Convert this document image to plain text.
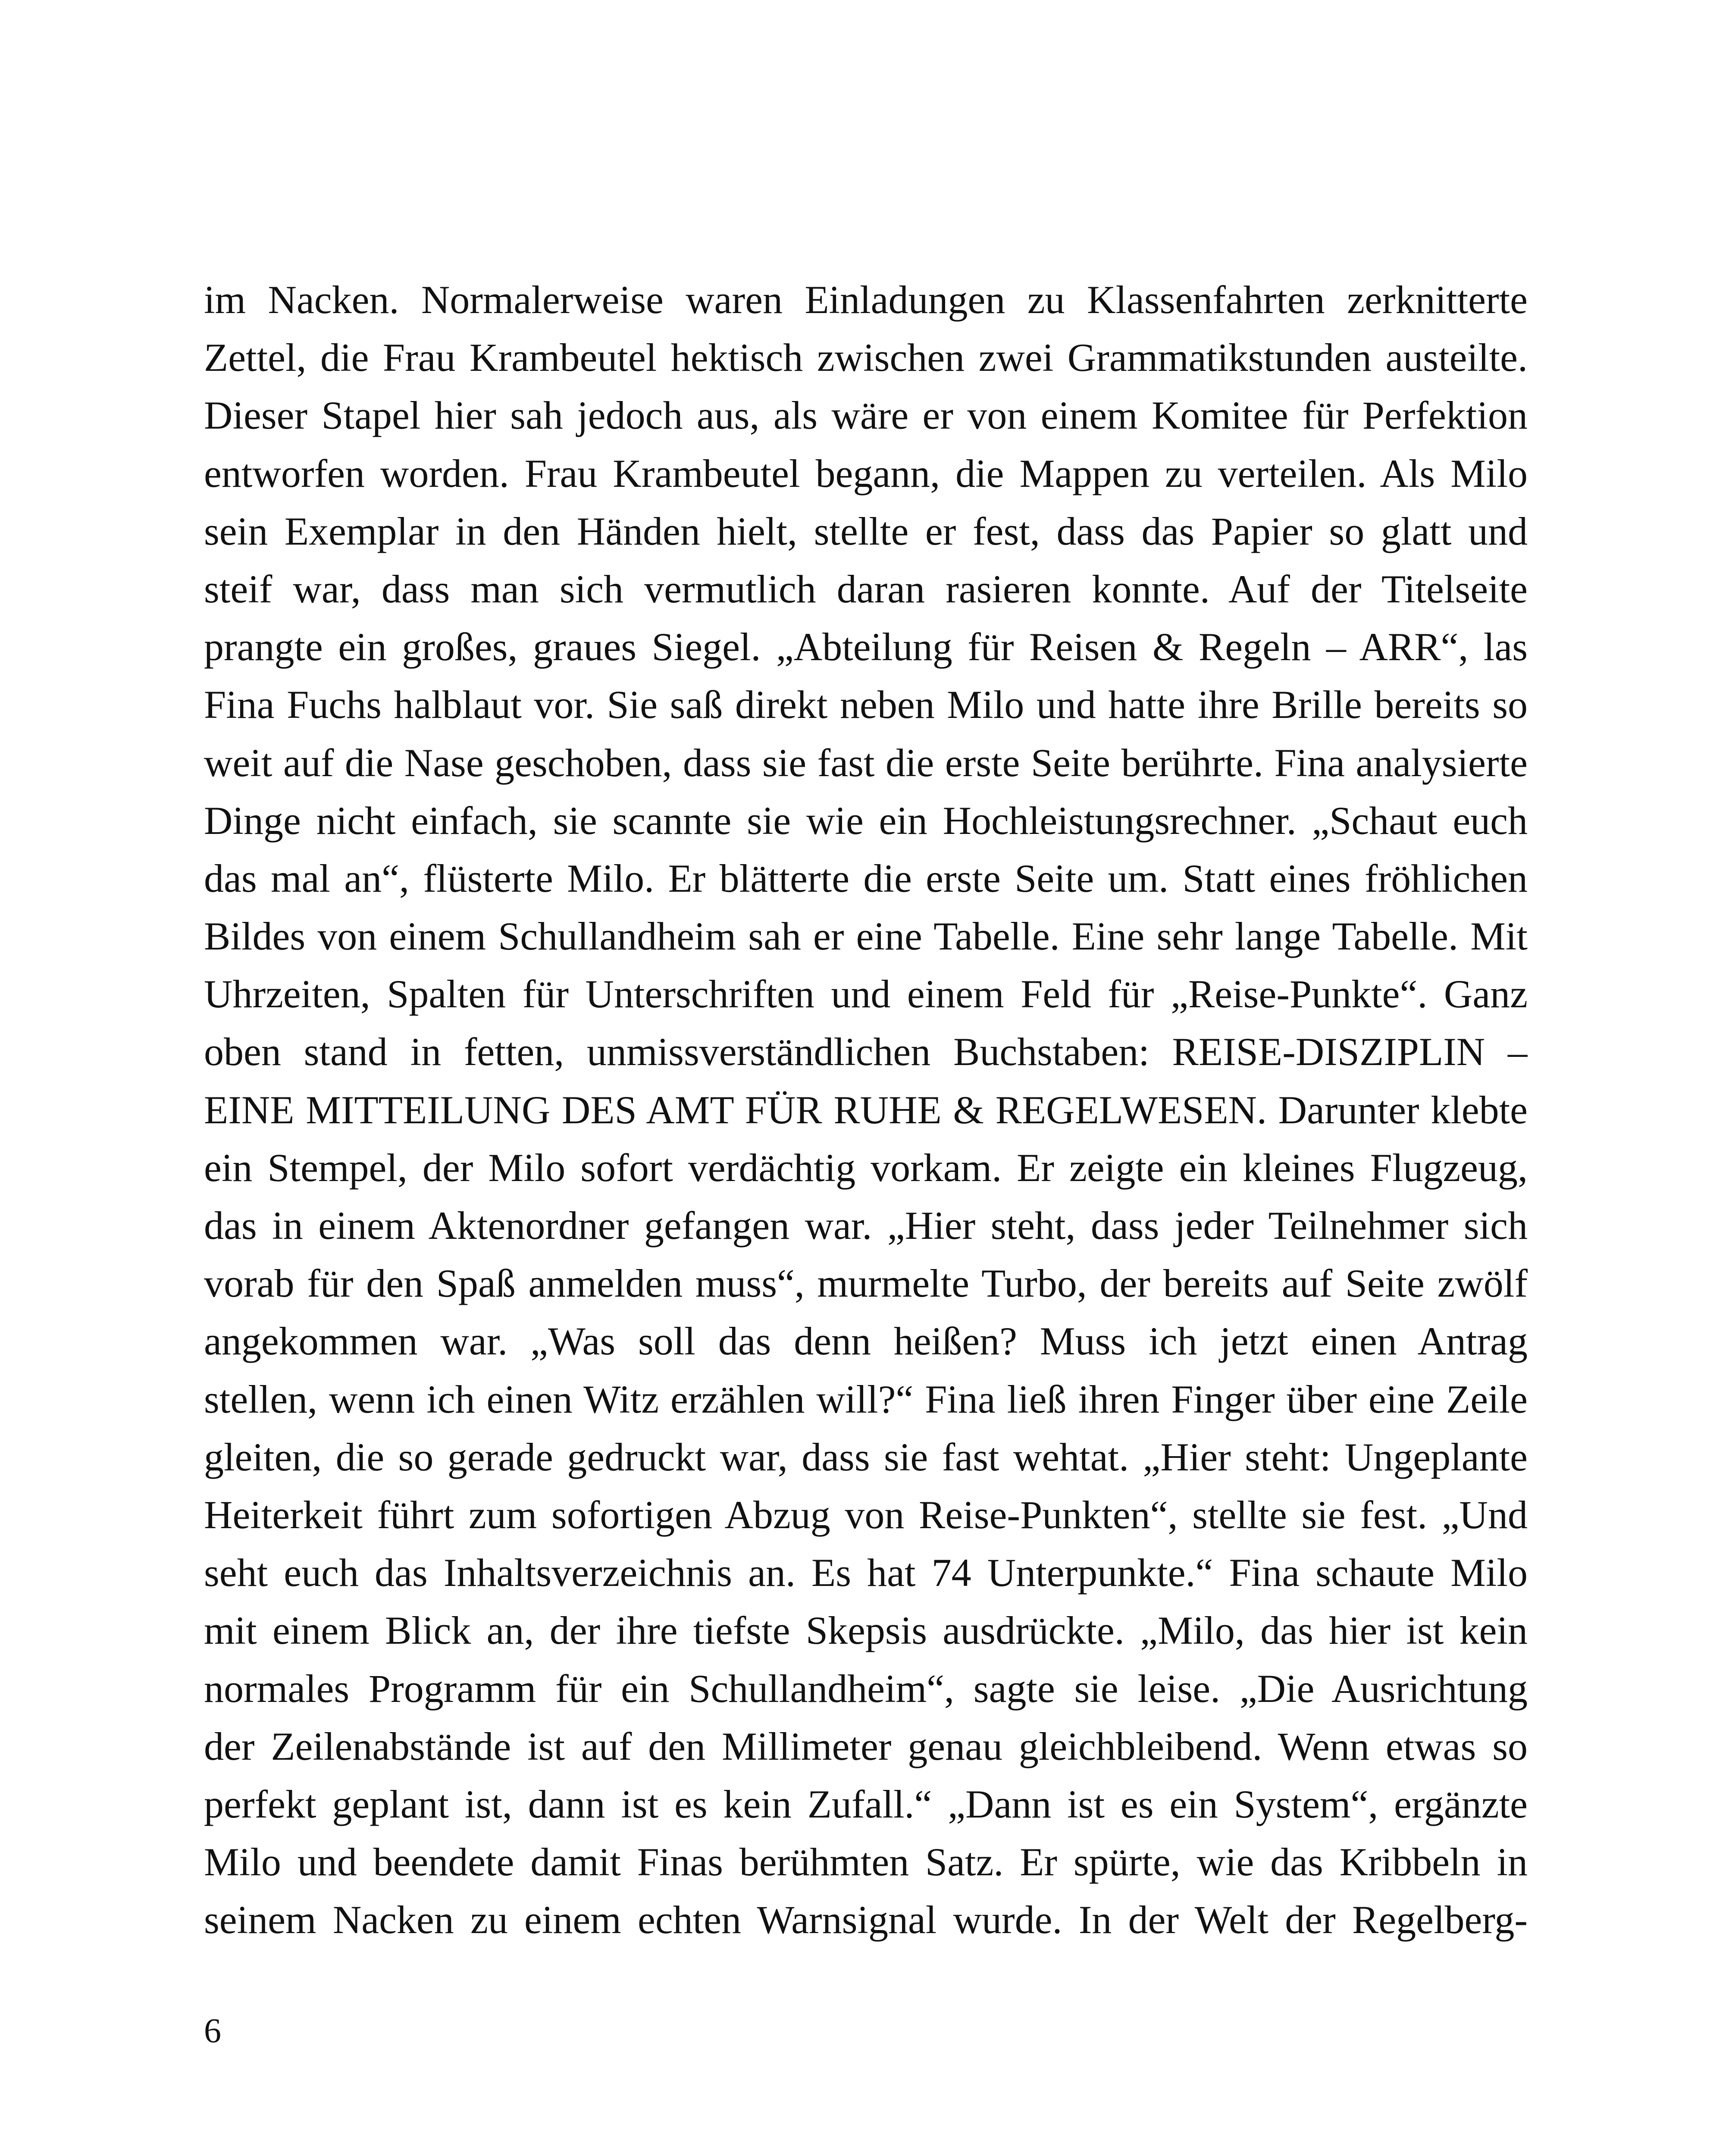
im Nacken. Normalerweise waren Einladungen zu Klassenfahrten zerknitterte
Zettel, die Frau Krambeutel hektisch zwischen zwei Grammatikstunden austeilte.
Dieser Stapel hier sah jedoch aus, als wäre er von einem Komitee für Perfektion
entworfen worden. Frau Krambeutel begann, die Mappen zu verteilen. Als Milo
sein Exemplar in den Händen hielt, stellte er fest, dass das Papier so glatt und
steif war, dass man sich vermutlich daran rasieren konnte. Auf der Titelseite
prangte ein großes, graues Siegel. „Abteilung für Reisen & Regeln – ARR“, las
Fina Fuchs halblaut vor. Sie saß direkt neben Milo und hatte ihre Brille bereits so
weit auf die Nase geschoben, dass sie fast die erste Seite berührte. Fina analysierte
Dinge nicht einfach, sie scannte sie wie ein Hochleistungsrechner. „Schaut euch
das mal an“, flüsterte Milo. Er blätterte die erste Seite um. Statt eines fröhlichen
Bildes von einem Schullandheim sah er eine Tabelle. Eine sehr lange Tabelle. Mit
Uhrzeiten, Spalten für Unterschriften und einem Feld für „Reise-Punkte“. Ganz
oben stand in fetten, unmissverständlichen Buchstaben: REISE-DISZIPLIN –
EINE MITTEILUNG DES AMT FÜR RUHE & REGELWESEN. Darunter klebte
ein Stempel, der Milo sofort verdächtig vorkam. Er zeigte ein kleines Flugzeug,
das in einem Aktenordner gefangen war. „Hier steht, dass jeder Teilnehmer sich
vorab für den Spaß anmelden muss“, murmelte Turbo, der bereits auf Seite zwölf
angekommen war. „Was soll das denn heißen? Muss ich jetzt einen Antrag
stellen, wenn ich einen Witz erzählen will?“ Fina ließ ihren Finger über eine Zeile
gleiten, die so gerade gedruckt war, dass sie fast wehtat. „Hier steht: Ungeplante
Heiterkeit führt zum sofortigen Abzug von Reise-Punkten“, stellte sie fest. „Und
seht euch das Inhaltsverzeichnis an. Es hat 74 Unterpunkte.“ Fina schaute Milo
mit einem Blick an, der ihre tiefste Skepsis ausdrückte. „Milo, das hier ist kein
normales Programm für ein Schullandheim“, sagte sie leise. „Die Ausrichtung
der Zeilenabstände ist auf den Millimeter genau gleichbleibend. Wenn etwas so
perfekt geplant ist, dann ist es kein Zufall.“ „Dann ist es ein System“, ergänzte
Milo und beendete damit Finas berühmten Satz. Er spürte, wie das Kribbeln in
seinem Nacken zu einem echten Warnsignal wurde. In der Welt der Regelberg-
6
